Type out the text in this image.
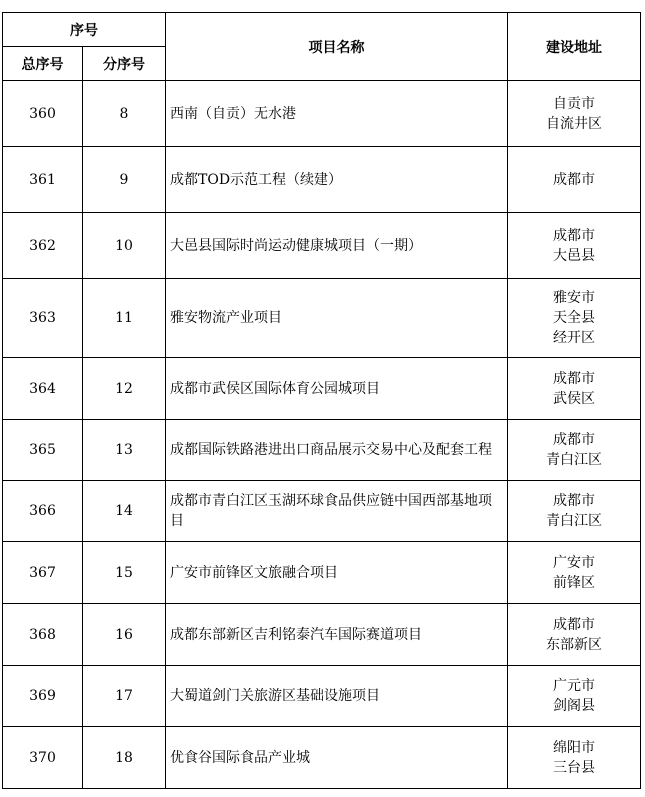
序号		项目名称	建设地址
总序号	分序号		
360	8	西南（自贡）无水港	自贡市
自流井区

361	9	成都TOD示范工程（续建）	成都市

362	10	大邑县国际时尚运动健康城项目（一期）	成都市
大邑县

363	11	雅安物流产业项目	雅安市
天全县
经开区

364	12	成都市武侯区国际体育公园城项目	成都市
武侯区

365	13	成都国际铁路港进出口商品展示交易中心及配套工程	成都市
青白江区

366	14	成都市青白江区玉湖环球食品供应链中国西部基地项目	成都市
青白江区

367	15	广安市前锋区文旅融合项目	广安市
前锋区

368	16	成都东部新区吉利铭泰汽车国际赛道项目	成都市
东部新区

369	17	大蜀道剑门关旅游区基础设施项目	广元市
剑阁县

370	18	优食谷国际食品产业城	绵阳市
三台县
